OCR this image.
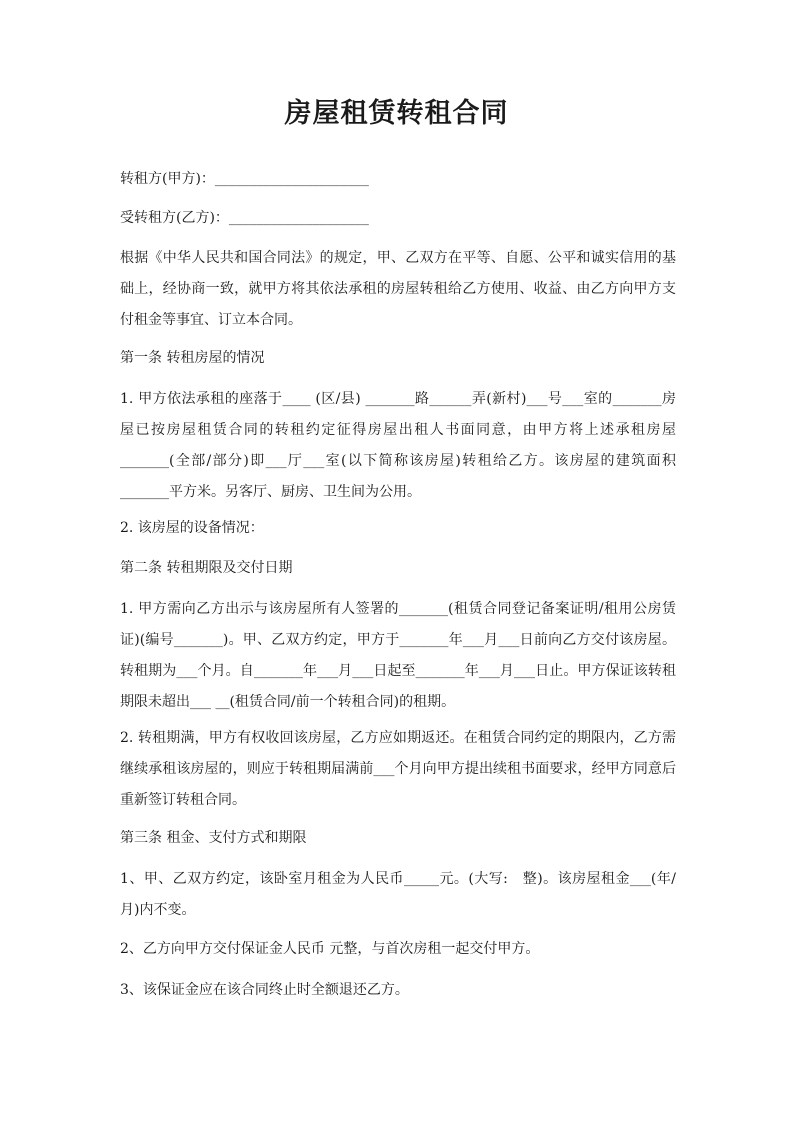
房屋租赁转租合同
转租方(甲方)：______________________
受转租方(乙方)：____________________
根据《中华人民共和国合同法》的规定，甲、乙双方在平等、自愿、公平和诚实信用的基础上，经协商一致，就甲方将其依法承租的房屋转租给乙方使用、收益、由乙方向甲方支付租金等事宜、订立本合同。
第一条 转租房屋的情况
1. 甲方依法承租的座落于____ (区/县) _______路______弄(新村)___号___室的_______房屋已按房屋租赁合同的转租约定征得房屋出租人书面同意，由甲方将上述承租房屋_______(全部/部分)即___厅___室(以下简称该房屋)转租给乙方。该房屋的建筑面积_______平方米。另客厅、厨房、卫生间为公用。
2. 该房屋的设备情况：
第二条 转租期限及交付日期
1. 甲方需向乙方出示与该房屋所有人签署的_______(租赁合同登记备案证明/租用公房赁证)(编号_______)。甲、乙双方约定，甲方于_______年___月___日前向乙方交付该房屋。转租期为___个月。自_______年___月___日起至_______年___月___日止。甲方保证该转租期限未超出___ __(租赁合同/前一个转租合同)的租期。
2. 转租期满，甲方有权收回该房屋，乙方应如期返还。在租赁合同约定的期限内，乙方需继续承租该房屋的，则应于转租期届满前___个月向甲方提出续租书面要求，经甲方同意后重新签订转租合同。
第三条 租金、支付方式和期限
1、甲、乙双方约定，该卧室月租金为人民币_____元。(大写:　整)。该房屋租金___(年/月)内不变。
2、乙方向甲方交付保证金人民币 元整，与首次房租一起交付甲方。
3、该保证金应在该合同终止时全额退还乙方。
